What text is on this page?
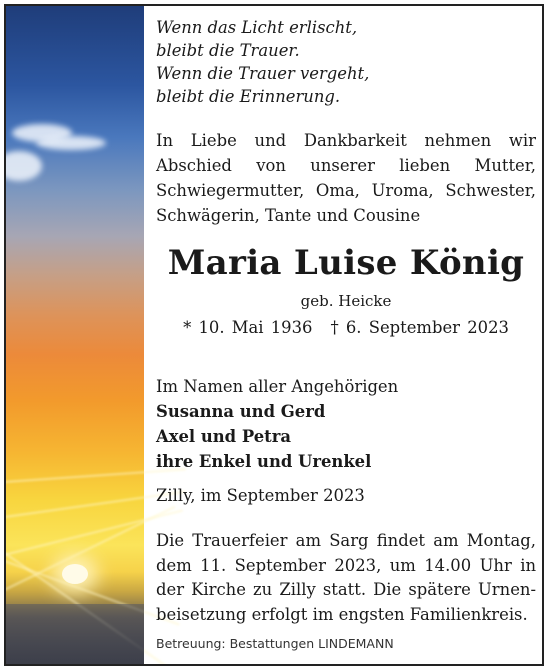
Wenn das Licht erlischt,
bleibt die Trauer.
Wenn die Trauer vergeht,
bleibt die Erinnerung.
In Liebe und Dankbarkeit nehmen wir
Abschied von unserer lieben Mutter,
Schwiegermutter, Oma, Uroma, Schwester,
Schwägerin, Tante und Cousine
Maria Luise König
geb. Heicke
* 10. Mai 1936 † 6. September 2023
Im Namen aller Angehörigen
Susanna und Gerd
Axel und Petra
ihre Enkel und Urenkel
Zilly, im September 2023
Die Trauerfeier am Sarg findet am Montag,
dem 11. September 2023, um 14.00 Uhr in
der Kirche zu Zilly statt. Die spätere Urnen-
beisetzung erfolgt im engsten Familienkreis.
Betreuung: Bestattungen LINDEMANN
